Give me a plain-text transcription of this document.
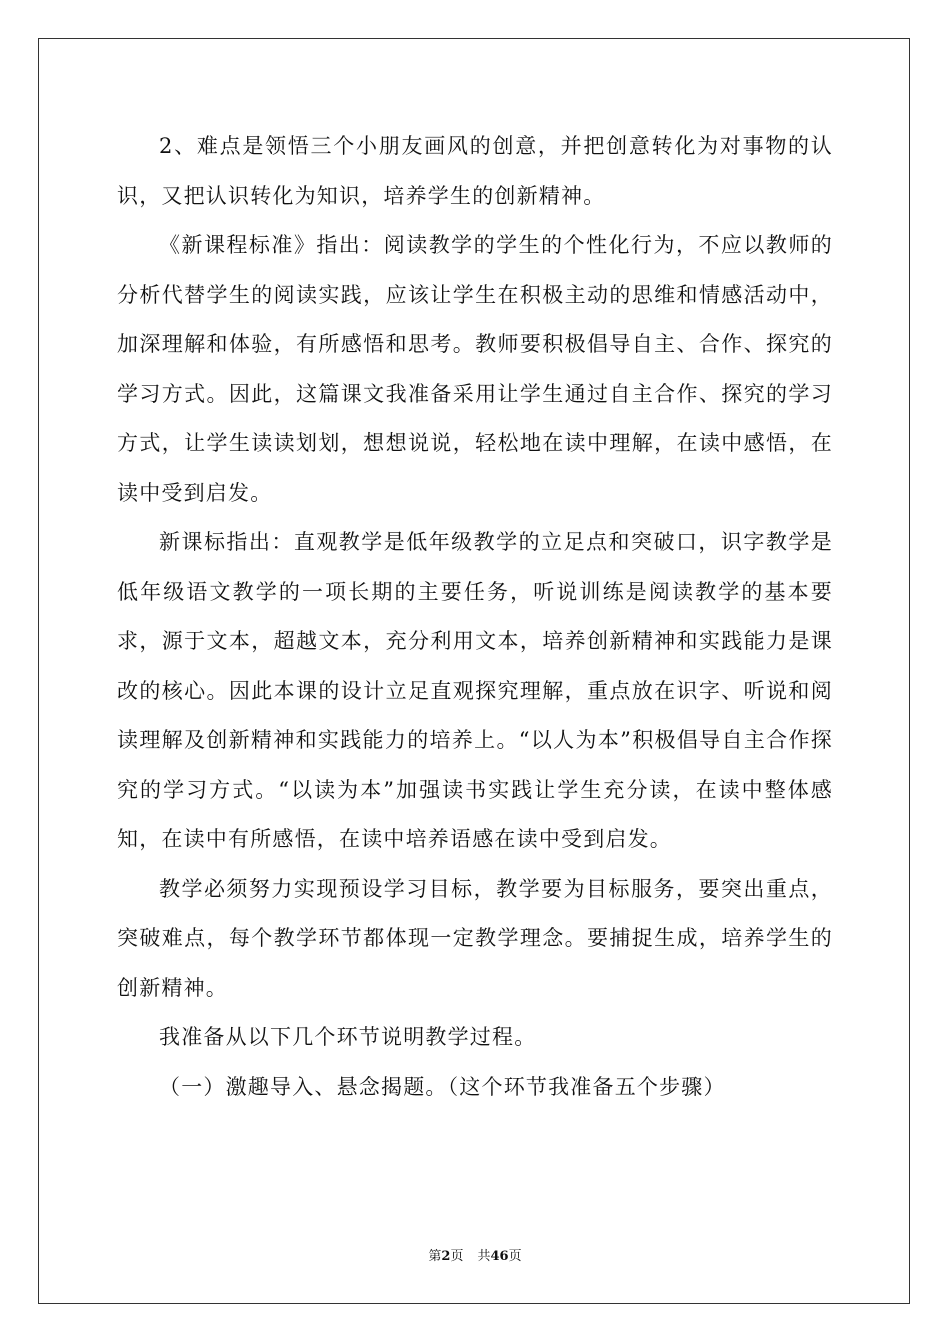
2、难点是领悟三个小朋友画风的创意，并把创意转化为对事物的认识，又把认识转化为知识，培养学生的创新精神。

《新课程标准》指出：阅读教学的学生的个性化行为，不应以教师的分析代替学生的阅读实践，应该让学生在积极主动的思维和情感活动中，加深理解和体验，有所感悟和思考。教师要积极倡导自主、合作、探究的学习方式。因此，这篇课文我准备采用让学生通过自主合作、探究的学习方式，让学生读读划划，想想说说，轻松地在读中理解，在读中感悟，在读中受到启发。

新课标指出：直观教学是低年级教学的立足点和突破口，识字教学是低年级语文教学的一项长期的主要任务，听说训练是阅读教学的基本要求，源于文本，超越文本，充分利用文本，培养创新精神和实践能力是课改的核心。因此本课的设计立足直观探究理解，重点放在识字、听说和阅读理解及创新精神和实践能力的培养上。“以人为本”积极倡导自主合作探究的学习方式。“以读为本”加强读书实践让学生充分读，在读中整体感知，在读中有所感悟，在读中培养语感在读中受到启发。

教学必须努力实现预设学习目标，教学要为目标服务，要突出重点，突破难点，每个教学环节都体现一定教学理念。要捕捉生成，培养学生的创新精神。

我准备从以下几个环节说明教学过程。

（一）激趣导入、悬念揭题。（这个环节我准备五个步骤）

第2页 共46页
